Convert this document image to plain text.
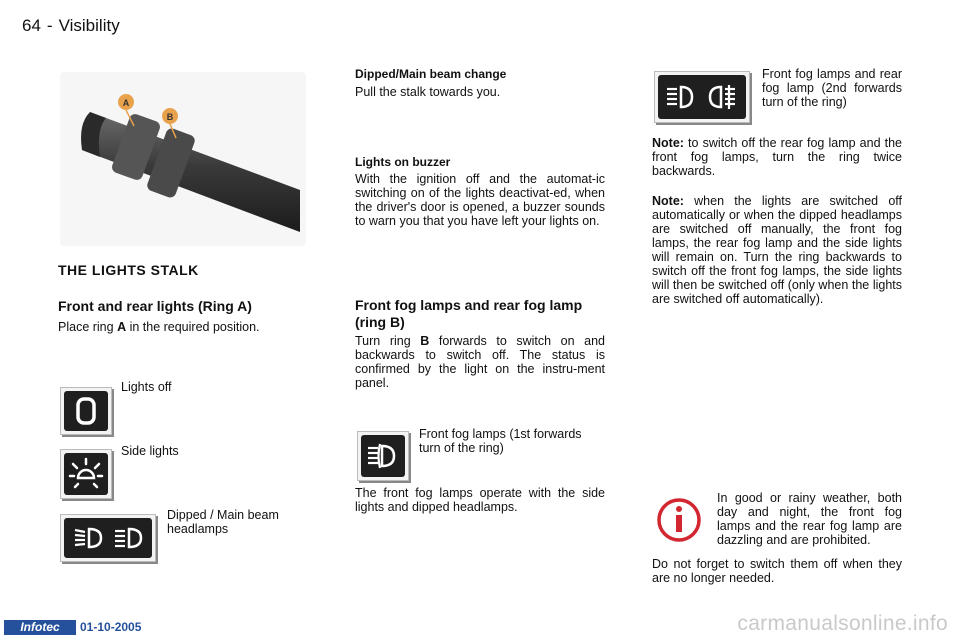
64 - Visibility
A
B
THE LIGHTS STALK
Front and rear lights (Ring A)
Place ring A in the required position.
Lights off
Side lights
Dipped / Main beam headlamps
Dipped/Main beam change
Pull the stalk towards you.
Lights on buzzer
With the ignition off and the automat-ic switching on of the lights deactivat-ed, when the driver's door is opened, a buzzer sounds to warn you that you have left your lights on.
Front fog lamps and rear fog lamp (ring B)
Turn ring B forwards to switch on and backwards to switch off. The status is confirmed by the light on the instru-ment panel.
Front fog lamps (1st forwards turn of the ring)
The front fog lamps operate with the side lights and dipped headlamps.
Front fog lamps and rear fog lamp (2nd forwards turn of the ring)
Note: to switch off the rear fog lamp and the front fog lamps, turn the ring twice backwards.
Note: when the lights are switched off automatically or when the dipped headlamps are switched off manually, the front fog lamps, the rear fog lamp and the side lights will remain on. Turn the ring backwards to switch off the front fog lamps, the side lights will then be switched off (only when the lights are switched off automatically).
In good or rainy weather, both day and night, the front fog lamps and the rear fog lamp are dazzling and are prohibited.
Do not forget to switch them off when they are no longer needed.
Infotec	01-10-2005	carmanualsonline.info
